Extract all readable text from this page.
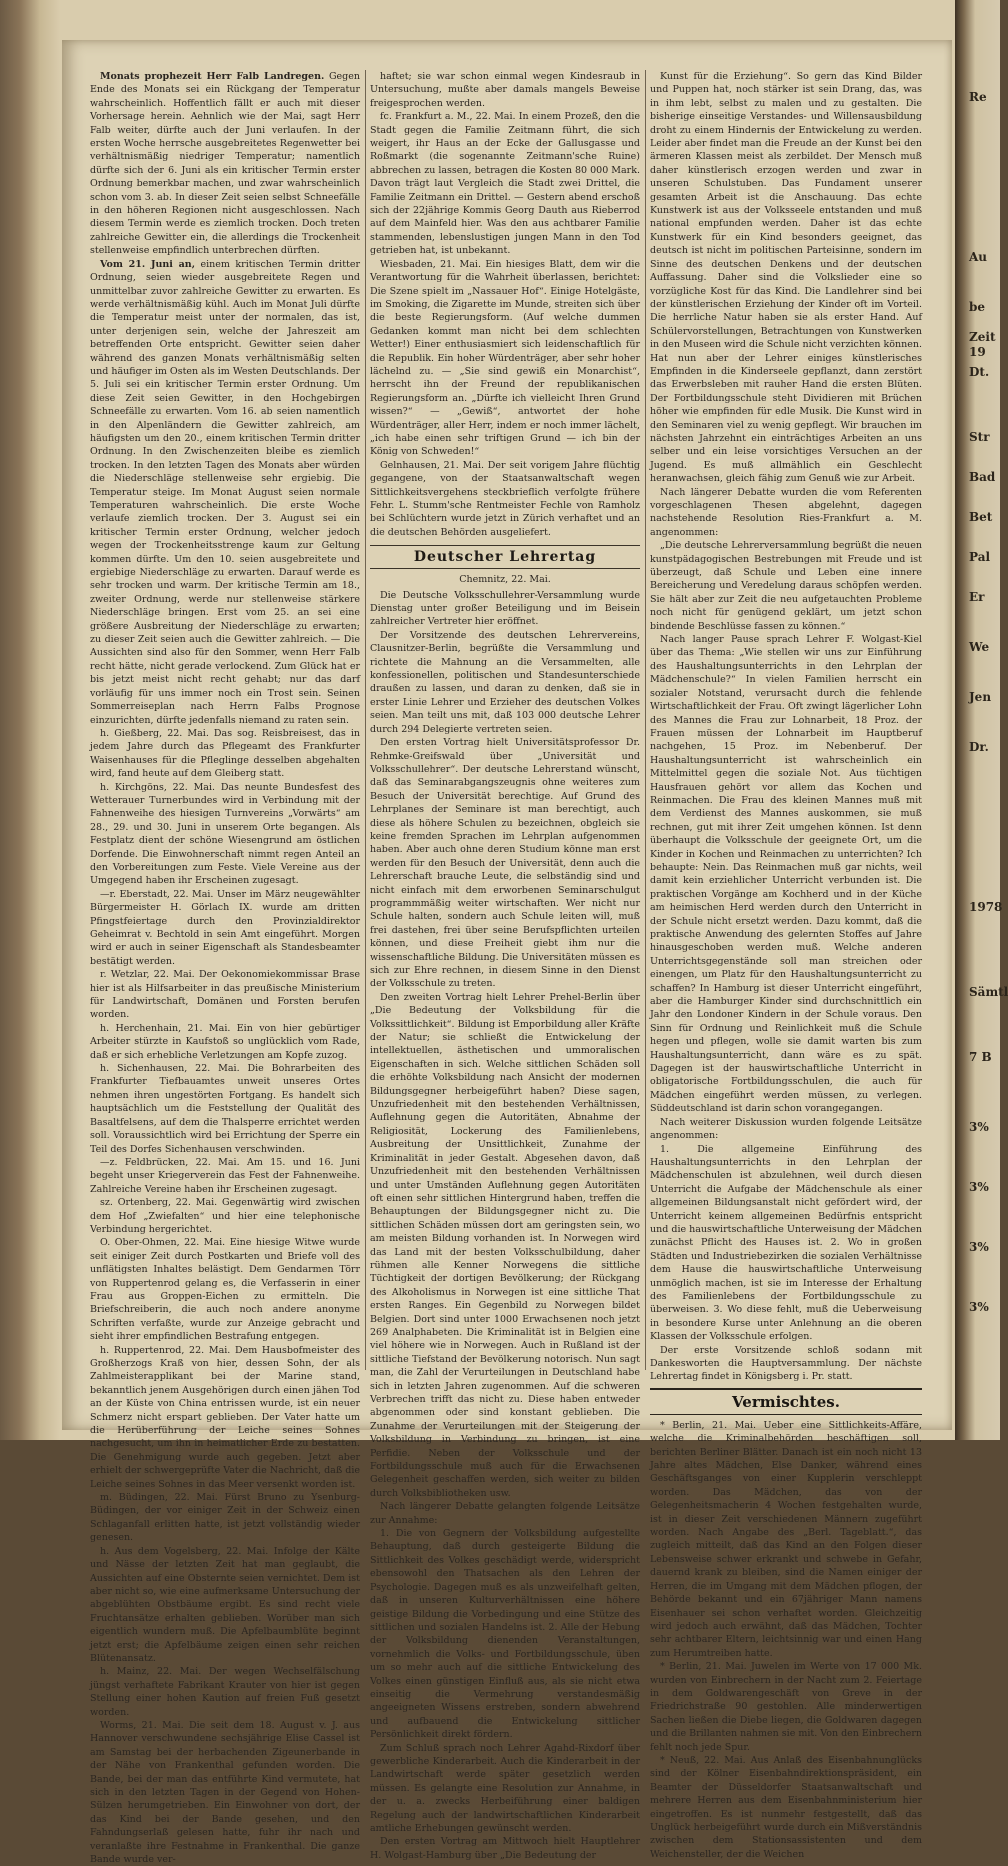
Re
Au
be
Zeit
19
Dt.
Str
Bad
Bet
Pal
Er
We
Jen
Dr.
1978
Sämtl
7 B
3%
3%
3%
3%

Monats prophezeit Herr Falb Landregen. Gegen Ende des Monats sei ein Rückgang der Temperatur wahrscheinlich. Hoffentlich fällt er auch mit dieser Vorhersage herein. Aehnlich wie der Mai, sagt Herr Falb weiter, dürfte auch der Juni verlaufen. In der ersten Woche herrsche ausgebreitetes Regenwetter bei verhältnismäßig niedriger Temperatur; namentlich dürfte sich der 6. Juni als ein kritischer Termin erster Ordnung bemerkbar machen, und zwar wahrscheinlich schon vom 3. ab. In dieser Zeit seien selbst Schneefälle in den höheren Regionen nicht ausgeschlossen. Nach diesem Termin werde es ziemlich trocken. Doch treten zahlreiche Gewitter ein, die allerdings die Trockenheit stellenweise empfindlich unterbrechen dürften.

Vom 21. Juni an, einem kritischen Termin dritter Ordnung, seien wieder ausgebreitete Regen und unmittelbar zuvor zahlreiche Gewitter zu erwarten. Es werde verhältnismäßig kühl. Auch im Monat Juli dürfte die Temperatur meist unter der normalen, das ist, unter derjenigen sein, welche der Jahreszeit am betreffenden Orte entspricht. Gewitter seien daher während des ganzen Monats verhältnismäßig selten und häufiger im Osten als im Westen Deutschlands. Der 5. Juli sei ein kritischer Termin erster Ordnung. Um diese Zeit seien Gewitter, in den Hochgebirgen Schneefälle zu erwarten. Vom 16. ab seien namentlich in den Alpenländern die Gewitter zahlreich, am häufigsten um den 20., einem kritischen Termin dritter Ordnung. In den Zwischenzeiten bleibe es ziemlich trocken. In den letzten Tagen des Monats aber würden die Niederschläge stellenweise sehr ergiebig. Die Temperatur steige. Im Monat August seien normale Temperaturen wahrscheinlich. Die erste Woche verlaufe ziemlich trocken. Der 3. August sei ein kritischer Termin erster Ordnung, welcher jedoch wegen der Trockenheitsstrenge kaum zur Geltung kommen dürfte. Um den 10. seien ausgebreitete und ergiebige Niederschläge zu erwarten. Darauf werde es sehr trocken und warm. Der kritische Termin am 18., zweiter Ordnung, werde nur stellenweise stärkere Niederschläge bringen. Erst vom 25. an sei eine größere Ausbreitung der Niederschläge zu erwarten; zu dieser Zeit seien auch die Gewitter zahlreich. — Die Aussichten sind also für den Sommer, wenn Herr Falb recht hätte, nicht gerade verlockend. Zum Glück hat er bis jetzt meist nicht recht gehabt; nur das darf vorläufig für uns immer noch ein Trost sein. Seinen Sommerreiseplan nach Herrn Falbs Prognose einzurichten, dürfte jedenfalls niemand zu raten sein.

h. Gießberg, 22. Mai. Das sog. Reisbreisest, das in jedem Jahre durch das Pflegeamt des Frankfurter Waisenhauses für die Pfleglinge desselben abgehalten wird, fand heute auf dem Gleiberg statt.

h. Kirchgöns, 22. Mai. Das neunte Bundesfest des Wetterauer Turnerbundes wird in Verbindung mit der Fahnenweihe des hiesigen Turnvereins „Vorwärts“ am 28., 29. und 30. Juni in unserem Orte begangen. Als Festplatz dient der schöne Wiesengrund am östlichen Dorfende. Die Einwohnerschaft nimmt regen Anteil an den Vorbereitungen zum Feste. Viele Vereine aus der Umgegend haben ihr Erscheinen zugesagt.

—r. Eberstadt, 22. Mai. Unser im März neugewählter Bürgermeister H. Görlach IX. wurde am dritten Pfingstfeiertage durch den Provinzialdirektor Geheimrat v. Bechtold in sein Amt eingeführt. Morgen wird er auch in seiner Eigenschaft als Standesbeamter bestätigt werden.

r. Wetzlar, 22. Mai. Der Oekonomiekommissar Brase hier ist als Hilfsarbeiter in das preußische Ministerium für Landwirtschaft, Domänen und Forsten berufen worden.

h. Herchenhain, 21. Mai. Ein von hier gebürtiger Arbeiter stürzte in Kaufstoß so unglücklich vom Rade, daß er sich erhebliche Verletzungen am Kopfe zuzog.

h. Sichenhausen, 22. Mai. Die Bohrarbeiten des Frankfurter Tiefbauamtes unweit unseres Ortes nehmen ihren ungestörten Fortgang. Es handelt sich hauptsächlich um die Feststellung der Qualität des Basaltfelsens, auf dem die Thalsperre errichtet werden soll. Voraussichtlich wird bei Errichtung der Sperre ein Teil des Dorfes Sichenhausen verschwinden.

—z. Feldbrücken, 22. Mai. Am 15. und 16. Juni begeht unser Kriegerverein das Fest der Fahnenweihe. Zahlreiche Vereine haben ihr Erscheinen zugesagt.

sz. Ortenberg, 22. Mai. Gegenwärtig wird zwischen dem Hof „Zwiefalten“ und hier eine telephonische Verbindung hergerichtet.

O. Ober-Ohmen, 22. Mai. Eine hiesige Witwe wurde seit einiger Zeit durch Postkarten und Briefe voll des unflätigsten Inhaltes belästigt. Dem Gendarmen Törr von Ruppertenrod gelang es, die Verfasserin in einer Frau aus Groppen-Eichen zu ermitteln. Die Briefschreiberin, die auch noch andere anonyme Schriften verfaßte, wurde zur Anzeige gebracht und sieht ihrer empfindlichen Bestrafung entgegen.

h. Ruppertenrod, 22. Mai. Dem Hausbofmeister des Großherzogs Kraß von hier, dessen Sohn, der als Zahlmeisterapplikant bei der Marine stand, bekanntlich jenem Ausgehörigen durch einen jähen Tod an der Küste von China entrissen wurde, ist ein neuer Schmerz nicht erspart geblieben. Der Vater hatte um die Herüberführung der Leiche seines Sohnes nachgesucht, um ihn in heimatlicher Erde zu bestatten. Die Genehmigung wurde auch gegeben. Jetzt aber erhielt der schwergeprüfte Vater die Nachricht, daß die Leiche seines Sohnes in das Meer versenkt worden ist.

m. Büdingen, 22. Mai. Fürst Bruno zu Ysenburg-Büdingen, der vor einiger Zeit in der Schweiz einen Schlaganfall erlitten hatte, ist jetzt vollständig wieder genesen.

h. Aus dem Vogelsberg, 22. Mai. Infolge der Kälte und Nässe der letzten Zeit hat man geglaubt, die Aussichten auf eine Obsternte seien vernichtet. Dem ist aber nicht so, wie eine aufmerksame Untersuchung der abgeblühten Obstbäume ergibt. Es sind recht viele Fruchtansätze erhalten geblieben. Worüber man sich eigentlich wundern muß. Die Apfelbaumblüte beginnt jetzt erst; die Apfelbäume zeigen einen sehr reichen Blütenansatz.

h. Mainz, 22. Mai. Der wegen Wechselfälschung jüngst verhaftete Fabrikant Krauter von hier ist gegen Stellung einer hohen Kaution auf freien Fuß gesetzt worden.

Worms, 21. Mai. Die seit dem 18. August v. J. aus Hannover verschwundene sechsjährige Elise Cassel ist am Samstag bei der herbachenden Zigeunerbande in der Nähe von Frankenthal gefunden worden. Die Bande, bei der man das entführte Kind vermutete, hat sich in den letzten Tagen in der Gegend von Hohen-Sülzen herumgetrieben. Ein Einwohner von dort, der das Kind bei der Bande gesehen, und den Fahndungserlaß gelesen hatte, fuhr ihr nach und veranlaßte ihre Festnahme in Frankenthal. Die ganze Bande wurde ver-

haftet; sie war schon einmal wegen Kindesraub in Untersuchung, mußte aber damals mangels Beweise freigesprochen werden.

fc. Frankfurt a. M., 22. Mai. In einem Prozeß, den die Stadt gegen die Familie Zeitmann führt, die sich weigert, ihr Haus an der Ecke der Gallusgasse und Roßmarkt (die sogenannte Zeitmann'sche Ruine) abbrechen zu lassen, betragen die Kosten 80 000 Mark. Davon trägt laut Vergleich die Stadt zwei Drittel, die Familie Zeitmann ein Drittel. — Gestern abend erschoß sich der 22jährige Kommis Georg Dauth aus Rieberrod auf dem Mainfeld hier. Was den aus achtbarer Familie stammenden, lebenslustigen jungen Mann in den Tod getrieben hat, ist unbekannt.

Wiesbaden, 21. Mai. Ein hiesiges Blatt, dem wir die Verantwortung für die Wahrheit überlassen, berichtet: Die Szene spielt im „Nassauer Hof“. Einige Hotelgäste, im Smoking, die Zigarette im Munde, streiten sich über die beste Regierungsform. (Auf welche dummen Gedanken kommt man nicht bei dem schlechten Wetter!) Einer enthusiasmiert sich leidenschaftlich für die Republik. Ein hoher Würdenträger, aber sehr hoher lächelnd zu. — „Sie sind gewiß ein Monarchist“, herrscht ihn der Freund der republikanischen Regierungsform an. „Dürfte ich vielleicht Ihren Grund wissen?“ — „Gewiß“, antwortet der hohe Würdenträger, aller Herr, indem er noch immer lächelt, „ich habe einen sehr triftigen Grund — ich bin der König von Schweden!“

Gelnhausen, 21. Mai. Der seit vorigem Jahre flüchtig gegangene, von der Staatsanwaltschaft wegen Sittlichkeitsvergehens steckbrieflich verfolgte frühere Fehr. L. Stumm'sche Rentmeister Fechle von Ramholz bei Schlüchtern wurde jetzt in Zürich verhaftet und an die deutschen Behörden ausgeliefert.

Deutscher Lehrertag
Chemnitz, 22. Mai.

Die Deutsche Volksschullehrer-Versammlung wurde Dienstag unter großer Beteiligung und im Beisein zahlreicher Vertreter hier eröffnet.

Der Vorsitzende des deutschen Lehrervereins, Clausnitzer-Berlin, begrüßte die Versammlung und richtete die Mahnung an die Versammelten, alle konfessionellen, politischen und Standesunterschiede draußen zu lassen, und daran zu denken, daß sie in erster Linie Lehrer und Erzieher des deutschen Volkes seien. Man teilt uns mit, daß 103 000 deutsche Lehrer durch 294 Delegierte vertreten seien.

Den ersten Vortrag hielt Universitätsprofessor Dr. Rehmke-Greifswald über „Universität und Volksschullehrer“. Der deutsche Lehrerstand wünscht, daß das Seminarabgangszeugnis ohne weiteres zum Besuch der Universität berechtige. Auf Grund des Lehrplanes der Seminare ist man berechtigt, auch diese als höhere Schulen zu bezeichnen, obgleich sie keine fremden Sprachen im Lehrplan aufgenommen haben. Aber auch ohne deren Studium könne man erst werden für den Besuch der Universität, denn auch die Lehrerschaft brauche Leute, die selbständig sind und nicht einfach mit dem erworbenen Seminarschulgut programmmäßig weiter wirtschaften. Wer nicht nur Schule halten, sondern auch Schule leiten will, muß frei dastehen, frei über seine Berufspflichten urteilen können, und diese Freiheit giebt ihm nur die wissenschaftliche Bildung. Die Universitäten müssen es sich zur Ehre rechnen, in diesem Sinne in den Dienst der Volksschule zu treten.

Den zweiten Vortrag hielt Lehrer Prehel-Berlin über „Die Bedeutung der Volksbildung für die Volkssittlichkeit“. Bildung ist Emporbildung aller Kräfte der Natur; sie schließt die Entwickelung der intellektuellen, ästhetischen und ummoralischen Eigenschaften in sich. Welche sittlichen Schäden soll die erhöhte Volksbildung nach Ansicht der modernen Bildungsgegner herbeigeführt haben? Diese sagen, Unzufriedenheit mit den bestehenden Verhältnissen, Auflehnung gegen die Autoritäten, Abnahme der Religiosität, Lockerung des Familienlebens, Ausbreitung der Unsittlichkeit, Zunahme der Kriminalität in jeder Gestalt. Abgesehen davon, daß Unzufriedenheit mit den bestehenden Verhältnissen und unter Umständen Auflehnung gegen Autoritäten oft einen sehr sittlichen Hintergrund haben, treffen die Behauptungen der Bildungsgegner nicht zu. Die sittlichen Schäden müssen dort am geringsten sein, wo am meisten Bildung vorhanden ist. In Norwegen wird das Land mit der besten Volksschulbildung, daher rühmen alle Kenner Norwegens die sittliche Tüchtigkeit der dortigen Bevölkerung; der Rückgang des Alkoholismus in Norwegen ist eine sittliche That ersten Ranges. Ein Gegenbild zu Norwegen bildet Belgien. Dort sind unter 1000 Erwachsenen noch jetzt 269 Analphabeten. Die Kriminalität ist in Belgien eine viel höhere wie in Norwegen. Auch in Rußland ist der sittliche Tiefstand der Bevölkerung notorisch. Nun sagt man, die Zahl der Verurteilungen in Deutschland habe sich in letzten Jahren zugenommen. Auf die schweren Verbrechen trifft das nicht zu. Diese haben entweder abgenommen oder sind konstant geblieben. Die Zunahme der Verurteilungen mit der Steigerung der Volksbildung in Verbindung zu bringen, ist eine Perfidie. Neben der Volksschule und der Fortbildungsschule muß auch für die Erwachsenen Gelegenheit geschaffen werden, sich weiter zu bilden durch Volksbibliotheken usw.

Nach längerer Debatte gelangten folgende Leitsätze zur Annahme:

1. Die von Gegnern der Volksbildung aufgestellte Behauptung, daß durch gesteigerte Bildung die Sittlichkeit des Volkes geschädigt werde, widerspricht ebensowohl den Thatsachen als den Lehren der Psychologie. Dagegen muß es als unzweifelhaft gelten, daß in unseren Kulturverhältnissen eine höhere geistige Bildung die Vorbedingung und eine Stütze des sittlichen und sozialen Handelns ist. 2. Alle der Hebung der Volksbildung dienenden Veranstaltungen, vornehmlich die Volks- und Fortbildungsschule, üben um so mehr auch auf die sittliche Entwickelung des Volkes einen günstigen Einfluß aus, als sie nicht etwa einseitig die Vermehrung verstandesmäßig angeeigneten Wissens erstreben, sondern abwehrend und aufbauend die Entwickelung sittlicher Persönlichkeit direkt fördern.

Zum Schluß sprach noch Lehrer Agahd-Rixdorf über gewerbliche Kinderarbeit. Auch die Kinderarbeit in der Landwirtschaft werde später gesetzlich werden müssen. Es gelangte eine Resolution zur Annahme, in der u. a. zwecks Herbeiführung einer baldigen Regelung auch der landwirtschaftlichen Kinderarbeit amtliche Erhebungen gewünscht werden.

Den ersten Vortrag am Mittwoch hielt Hauptlehrer H. Wolgast-Hamburg über „Die Bedeutung der

Kunst für die Erziehung“. So gern das Kind Bilder und Puppen hat, noch stärker ist sein Drang, das, was in ihm lebt, selbst zu malen und zu gestalten. Die bisherige einseitige Verstandes- und Willensausbildung droht zu einem Hindernis der Entwickelung zu werden. Leider aber findet man die Freude an der Kunst bei den ärmeren Klassen meist als zerbildet. Der Mensch muß daher künstlerisch erzogen werden und zwar in unseren Schulstuben. Das Fundament unserer gesamten Arbeit ist die Anschauung. Das echte Kunstwerk ist aus der Volksseele entstanden und muß national empfunden werden. Daher ist das echte Kunstwerk für ein Kind besonders geeignet, das deutsch ist nicht im politischen Parteisinne, sondern im Sinne des deutschen Denkens und der deutschen Auffassung. Daher sind die Volkslieder eine so vorzügliche Kost für das Kind. Die Landlehrer sind bei der künstlerischen Erziehung der Kinder oft im Vorteil. Die herrliche Natur haben sie als erster Hand. Auf Schülervorstellungen, Betrachtungen von Kunstwerken in den Museen wird die Schule nicht verzichten können. Hat nun aber der Lehrer einiges künstlerisches Empfinden in die Kinderseele gepflanzt, dann zerstört das Erwerbsleben mit rauher Hand die ersten Blüten. Der Fortbildungsschule steht Dividieren mit Brüchen höher wie empfinden für edle Musik. Die Kunst wird in den Seminaren viel zu wenig gepflegt. Wir brauchen im nächsten Jahrzehnt ein einträchtiges Arbeiten an uns selber und ein leise vorsichtiges Versuchen an der Jugend. Es muß allmählich ein Geschlecht heranwachsen, gleich fähig zum Genuß wie zur Arbeit.

Nach längerer Debatte wurden die vom Referenten vorgeschlagenen Thesen abgelehnt, dagegen nachstehende Resolution Ries-Frankfurt a. M. angenommen:

„Die deutsche Lehrerversammlung begrüßt die neuen kunstpädagogischen Bestrebungen mit Freude und ist überzeugt, daß Schule und Leben eine innere Bereicherung und Veredelung daraus schöpfen werden. Sie hält aber zur Zeit die neu aufgetauchten Probleme noch nicht für genügend geklärt, um jetzt schon bindende Beschlüsse fassen zu können.“

Nach langer Pause sprach Lehrer F. Wolgast-Kiel über das Thema: „Wie stellen wir uns zur Einführung des Haushaltungsunterrichts in den Lehrplan der Mädchenschule?“ In vielen Familien herrscht ein sozialer Notstand, verursacht durch die fehlende Wirtschaftlichkeit der Frau. Oft zwingt lägerlicher Lohn des Mannes die Frau zur Lohnarbeit, 18 Proz. der Frauen müssen der Lohnarbeit im Hauptberuf nachgehen, 15 Proz. im Nebenberuf. Der Haushaltungsunterricht ist wahrscheinlich ein Mittelmittel gegen die soziale Not. Aus tüchtigen Hausfrauen gehört vor allem das Kochen und Reinmachen. Die Frau des kleinen Mannes muß mit dem Verdienst des Mannes auskommen, sie muß rechnen, gut mit ihrer Zeit umgehen können. Ist denn überhaupt die Volksschule der geeignete Ort, um die Kinder in Kochen und Reinmachen zu unterrichten? Ich behaupte: Nein. Das Reinmachen muß gar nichts, weil damit kein erziehlicher Unterricht verbunden ist. Die praktischen Vorgänge am Kochherd und in der Küche am heimischen Herd werden durch den Unterricht in der Schule nicht ersetzt werden. Dazu kommt, daß die praktische Anwendung des gelernten Stoffes auf Jahre hinausgeschoben werden muß. Welche anderen Unterrichtsgegenstände soll man streichen oder einengen, um Platz für den Haushaltungsunterricht zu schaffen? In Hamburg ist dieser Unterricht eingeführt, aber die Hamburger Kinder sind durchschnittlich ein Jahr den Londoner Kindern in der Schule voraus. Den Sinn für Ordnung und Reinlichkeit muß die Schule hegen und pflegen, wolle sie damit warten bis zum Haushaltungsunterricht, dann wäre es zu spät. Dagegen ist der hauswirtschaftliche Unterricht in obligatorische Fortbildungsschulen, die auch für Mädchen eingeführt werden müssen, zu verlegen. Süddeutschland ist darin schon vorangegangen.

Nach weiterer Diskussion wurden folgende Leitsätze angenommen:

1. Die allgemeine Einführung des Haushaltungsunterrichts in den Lehrplan der Mädchenschulen ist abzulehnen, weil durch diesen Unterricht die Aufgabe der Mädchenschule als einer allgemeinen Bildungsanstalt nicht gefördert wird, der Unterricht keinem allgemeinen Bedürfnis entspricht und die hauswirtschaftliche Unterweisung der Mädchen zunächst Pflicht des Hauses ist. 2. Wo in großen Städten und Industriebezirken die sozialen Verhältnisse dem Hause die hauswirtschaftliche Unterweisung unmöglich machen, ist sie im Interesse der Erhaltung des Familienlebens der Fortbildungsschule zu überweisen. 3. Wo diese fehlt, muß die Ueberweisung in besondere Kurse unter Anlehnung an die oberen Klassen der Volksschule erfolgen.

Der erste Vorsitzende schloß sodann mit Dankesworten die Hauptversammlung. Der nächste Lehrertag findet in Königsberg i. Pr. statt.

Vermischtes.

* Berlin, 21. Mai. Ueber eine Sittlichkeits-Affäre, welche die Kriminalbehörden beschäftigen soll, berichten Berliner Blätter. Danach ist ein noch nicht 13 Jahre altes Mädchen, Else Danker, während eines Geschäftsganges von einer Kupplerin verschleppt worden. Das Mädchen, das von der Gelegenheitsmacherin 4 Wochen festgehalten wurde, ist in dieser Zeit verschiedenen Männern zugeführt worden. Nach Angabe des „Berl. Tageblatt.“, das zugleich mitteilt, daß das Kind an den Folgen dieser Lebensweise schwer erkrankt und schwebe in Gefahr, dauernd krank zu bleiben, sind die Namen einiger der Herren, die im Umgang mit dem Mädchen pflogen, der Behörde bekannt und ein 67jähriger Mann namens Eisenhauer sei schon verhaftet worden. Gleichzeitig wird jedoch auch erwähnt, daß das Mädchen, Tochter sehr achtbarer Eltern, leichtsinnig war und einen Hang zum Herumtreiben hatte.

* Berlin, 21. Mai. Juwelen im Werte von 17 000 Mk. wurden von Einbrechern in der Nacht zum 2. Feiertage in dem Goldwarengeschäft von Greve in der Friedrichstraße 90 gestohlen. Alle minderwertigen Sachen ließen die Diebe liegen, die Goldwaren dagegen und die Brillanten nahmen sie mit. Von den Einbrechern fehlt noch jede Spur.

* Neuß, 22. Mai. Aus Anlaß des Eisenbahnunglücks sind der Kölner Eisenbahndirektionspräsident, ein Beamter der Düsseldorfer Staatsanwaltschaft und mehrere Herren aus dem Eisenbahnministerium hier eingetroffen. Es ist nunmehr festgestellt, daß das Unglück herbeigeführt wurde durch ein Mißverständnis zwischen dem Stationsassistenten und dem Weichensteller, der die Weichen
